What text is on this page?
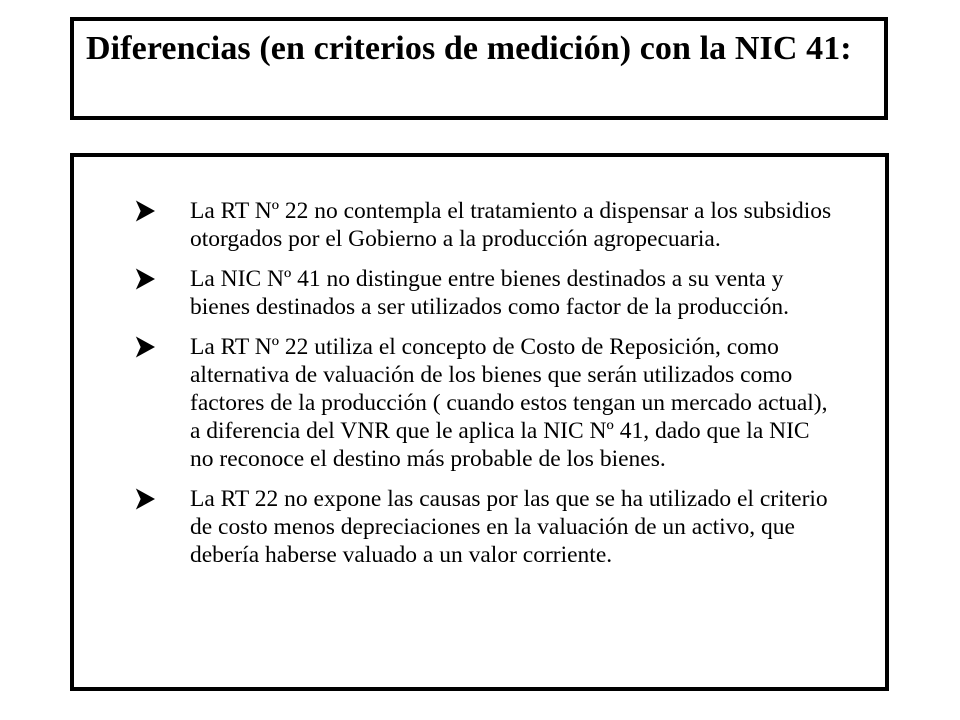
Diferencias (en criterios de medición) con la NIC 41:
La RT Nº 22 no contempla el tratamiento a dispensar a los subsidios otorgados por el Gobierno a la producción agropecuaria.
La NIC Nº 41 no distingue entre bienes destinados a su venta y bienes destinados a ser utilizados como factor de la producción.
La RT Nº 22 utiliza el concepto de Costo de Reposición, como alternativa de valuación de los bienes que serán utilizados como factores de la producción ( cuando estos tengan un mercado actual), a diferencia del VNR que le aplica la NIC Nº 41, dado que la NIC no reconoce el destino más probable de los bienes.
La RT 22 no expone las causas por las que se ha utilizado el criterio de costo menos depreciaciones en la valuación de un activo, que debería haberse valuado a un valor corriente.
